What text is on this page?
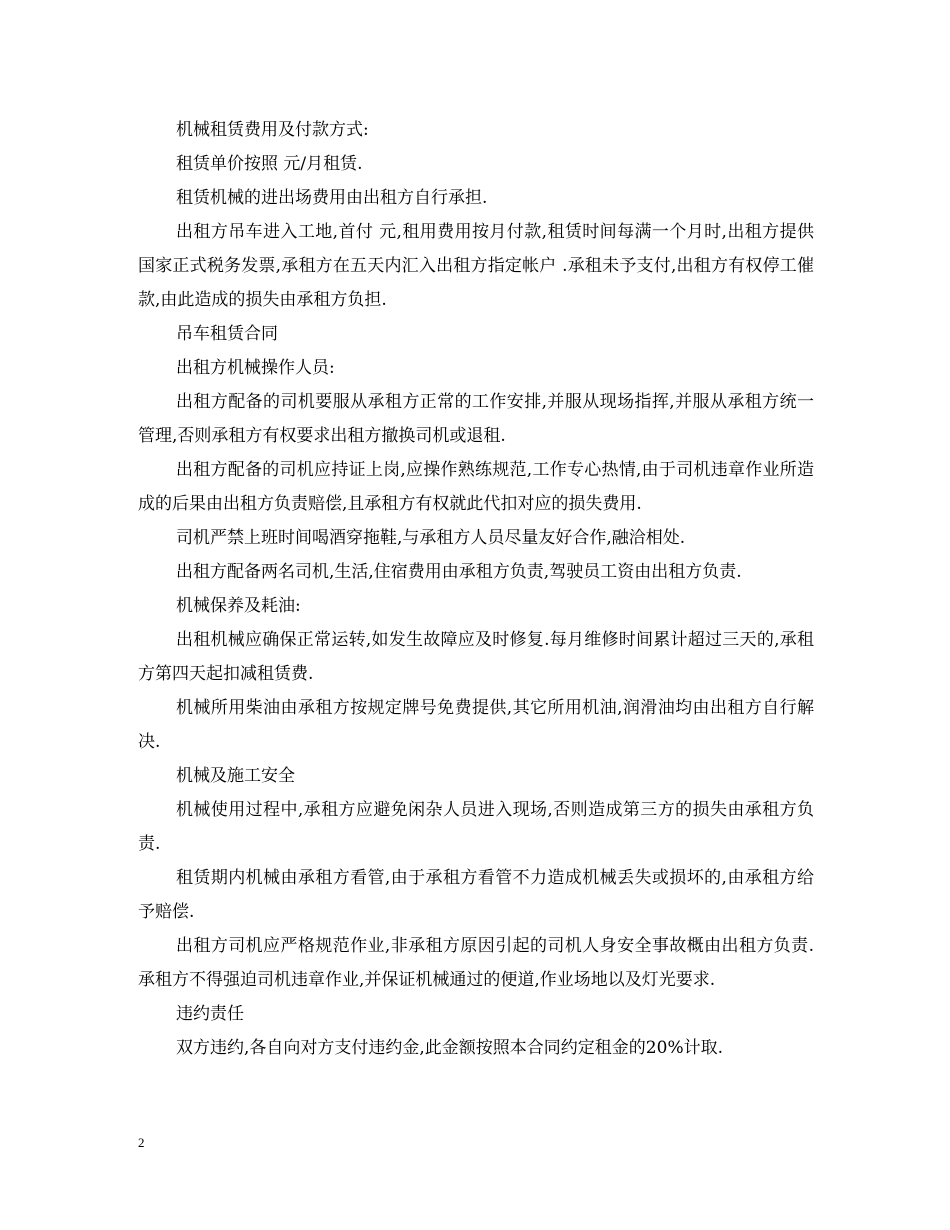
机械租赁费用及付款方式:

租赁单价按照 元/月租赁.

租赁机械的进出场费用由出租方自行承担.

出租方吊车进入工地,首付 元,租用费用按月付款,租赁时间每满一个月时,出租方提供国家正式税务发票,承租方在五天内汇入出租方指定帐户 .承租未予支付,出租方有权停工催款,由此造成的损失由承租方负担.

吊车租赁合同

出租方机械操作人员:

出租方配备的司机要服从承租方正常的工作安排,并服从现场指挥,并服从承租方统一管理,否则承租方有权要求出租方撤换司机或退租.

出租方配备的司机应持证上岗,应操作熟练规范,工作专心热情,由于司机违章作业所造成的后果由出租方负责赔偿,且承租方有权就此代扣对应的损失费用.

司机严禁上班时间喝酒穿拖鞋,与承租方人员尽量友好合作,融洽相处.

出租方配备两名司机,生活,住宿费用由承租方负责,驾驶员工资由出租方负责.

机械保养及耗油:

出租机械应确保正常运转,如发生故障应及时修复.每月维修时间累计超过三天的,承租方第四天起扣减租赁费.

机械所用柴油由承租方按规定牌号免费提供,其它所用机油,润滑油均由出租方自行解决.

机械及施工安全

机械使用过程中,承租方应避免闲杂人员进入现场,否则造成第三方的损失由承租方负责.

租赁期内机械由承租方看管,由于承租方看管不力造成机械丢失或损坏的,由承租方给予赔偿.

出租方司机应严格规范作业,非承租方原因引起的司机人身安全事故概由出租方负责.承租方不得强迫司机违章作业,并保证机械通过的便道,作业场地以及灯光要求.

违约责任

双方违约,各自向对方支付违约金,此金额按照本合同约定租金的20%计取.

2
